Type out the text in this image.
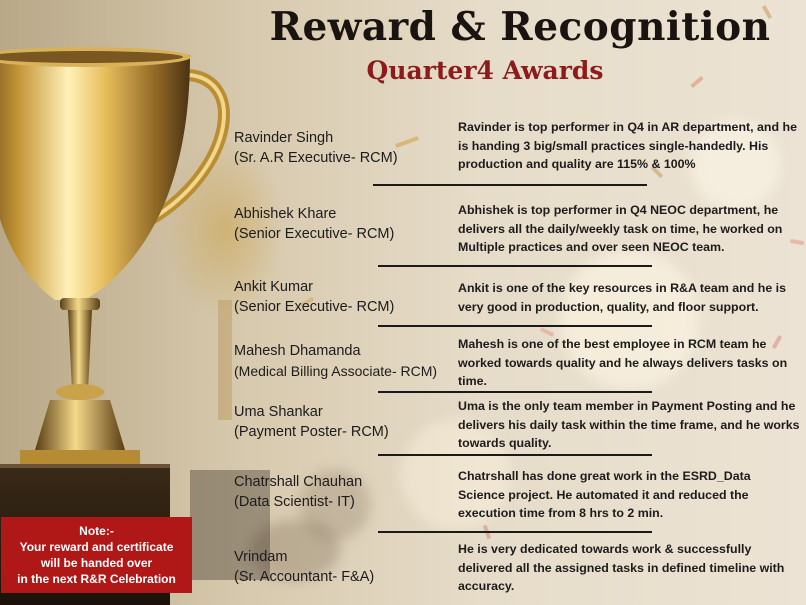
Reward & Recognition
Quarter4 Awards
Ravinder Singh
(Sr. A.R Executive- RCM)
Ravinder is top performer in Q4 in AR department, and he is handing 3 big/small practices single-handedly. His production and quality are 115% & 100%
Abhishek Khare
(Senior Executive- RCM)
Abhishek is top performer in Q4 NEOC department, he delivers all the daily/weekly task on time, he worked on Multiple practices and over seen NEOC team.
Ankit Kumar
(Senior Executive- RCM)
Ankit is one of the key resources in R&A team and he is very good in production, quality, and floor support.
Mahesh Dhamanda
(Medical Billing Associate- RCM)
Mahesh is one of the best employee in RCM team he worked towards quality and he always delivers tasks on time.
Uma Shankar
(Payment Poster- RCM)
Uma is the only team member in Payment Posting and he delivers his daily task within the time frame, and he works towards quality.
Chatrshall Chauhan
(Data Scientist- IT)
Chatrshall has done great work in the ESRD_Data Science project. He automated it and reduced the execution time from 8 hrs to 2 min.
Vrindam
(Sr. Accountant- F&A)
He is very dedicated towards work & successfully delivered all the assigned tasks in defined timeline with accuracy.
Note:-
Your reward and certificate
will be handed over
in the next R&R Celebration
